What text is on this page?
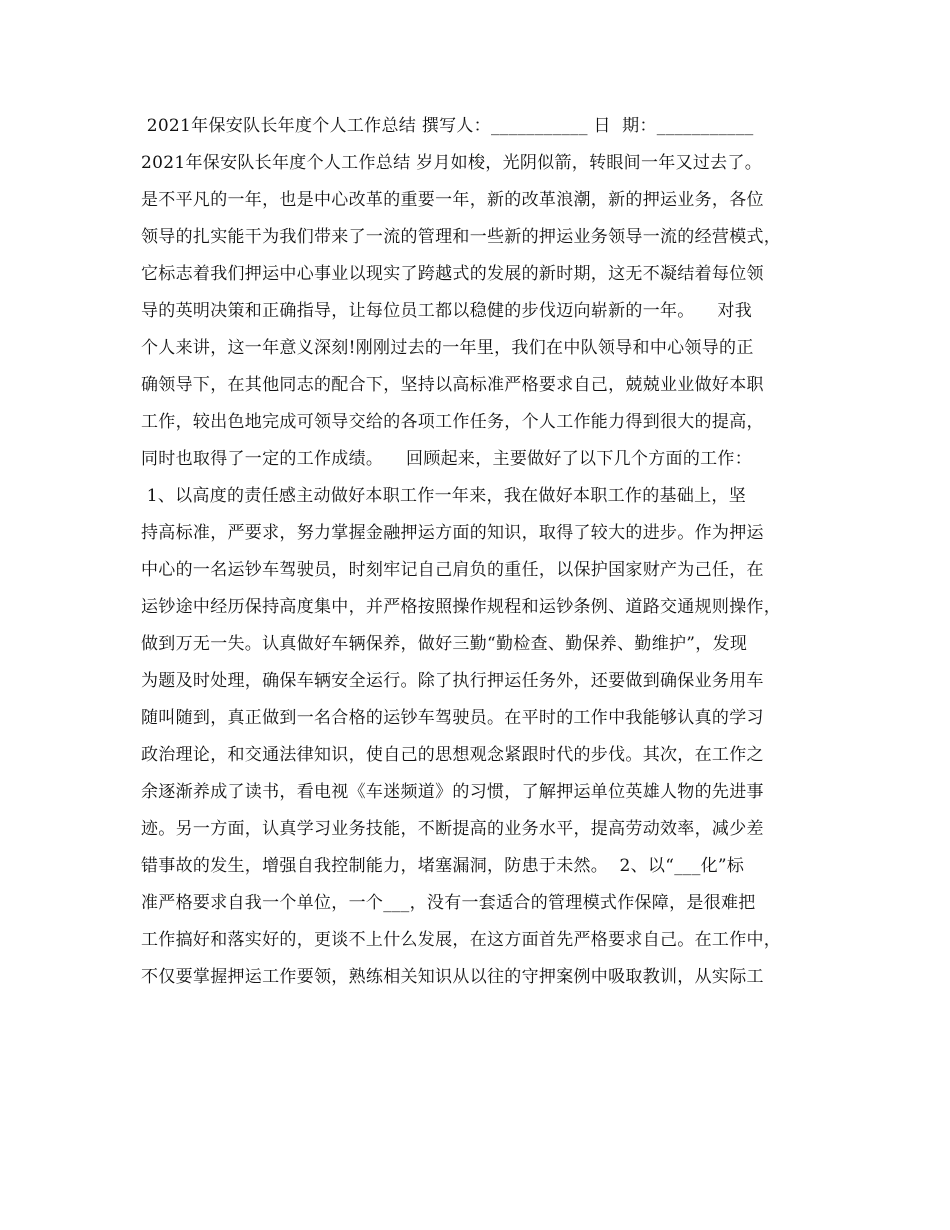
2021年保安队长年度个人工作总结 撰写人：___________ 日  期：___________
2021年保安队长年度个人工作总结 岁月如梭，光阴似箭，转眼间一年又过去了。
是不平凡的一年，也是中心改革的重要一年，新的改革浪潮，新的押运业务，各位
领导的扎实能干为我们带来了一流的管理和一些新的押运业务领导一流的经营模式，
它标志着我们押运中心事业以现实了跨越式的发展的新时期，这无不凝结着每位领
导的英明决策和正确指导，让每位员工都以稳健的步伐迈向崭新的一年。    对我
个人来讲，这一年意义深刻!刚刚过去的一年里，我们在中队领导和中心领导的正
确领导下，在其他同志的配合下，坚持以高标准严格要求自己，兢兢业业做好本职
工作，较出色地完成可领导交给的各项工作任务，个人工作能力得到很大的提高，
同时也取得了一定的工作成绩。    回顾起来，主要做好了以下几个方面的工作：
1、以高度的责任感主动做好本职工作一年来，我在做好本职工作的基础上，坚
持高标准，严要求，努力掌握金融押运方面的知识，取得了较大的进步。作为押运
中心的一名运钞车驾驶员，时刻牢记自己肩负的重任，以保护国家财产为己任，在
运钞途中经历保持高度集中，并严格按照操作规程和运钞条例、道路交通规则操作，
做到万无一失。认真做好车辆保养，做好三勤“勤检查、勤保养、勤维护”，发现
为题及时处理，确保车辆安全运行。除了执行押运任务外，还要做到确保业务用车
随叫随到，真正做到一名合格的运钞车驾驶员。在平时的工作中我能够认真的学习
政治理论，和交通法律知识，使自己的思想观念紧跟时代的步伐。其次，在工作之
余逐渐养成了读书，看电视《车迷频道》的习惯，了解押运单位英雄人物的先进事
迹。另一方面，认真学习业务技能，不断提高的业务水平，提高劳动效率，减少差
错事故的发生，增强自我控制能力，堵塞漏洞，防患于未然。  2、以“___化”标
准严格要求自我一个单位，一个___，没有一套适合的管理模式作保障，是很难把
工作搞好和落实好的，更谈不上什么发展，在这方面首先严格要求自己。在工作中，
不仅要掌握押运工作要领，熟练相关知识从以往的守押案例中吸取教训，从实际工
